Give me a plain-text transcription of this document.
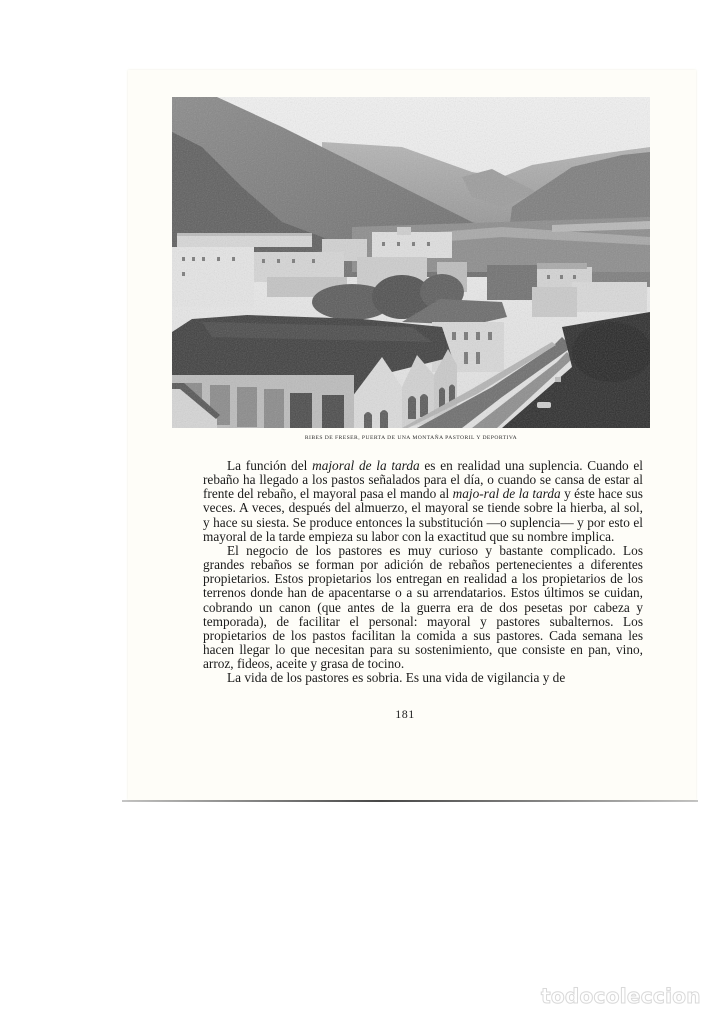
RIBES DE FRESER, PUERTA DE UNA MONTAÑA PASTORIL Y DEPORTIVA

La función del majoral de la tarda es en realidad una suplencia. Cuando el rebaño ha llegado a los pastos señalados para el día, o cuando se cansa de estar al frente del rebaño, el mayoral pasa el mando al majo-ral de la tarda y éste hace sus veces. A veces, después del almuerzo, el mayoral se tiende sobre la hierba, al sol, y hace su siesta. Se produce entonces la substitución —o suplencia— y por esto el mayoral de la tarde empieza su labor con la exactitud que su nombre implica.

El negocio de los pastores es muy curioso y bastante complicado. Los grandes rebaños se forman por adición de rebaños pertenecientes a diferentes propietarios. Estos propietarios los entregan en realidad a los propietarios de los terrenos donde han de apacentarse o a su arrendatarios. Estos últimos se cuidan, cobrando un canon (que antes de la guerra era de dos pesetas por cabeza y temporada), de facilitar el personal: mayoral y pastores subalternos. Los propietarios de los pastos facilitan la comida a sus pastores. Cada semana les hacen llegar lo que necesitan para su sostenimiento, que consiste en pan, vino, arroz, fideos, aceite y grasa de tocino.

La vida de los pastores es sobria. Es una vida de vigilancia y de

181
todocoleccion
